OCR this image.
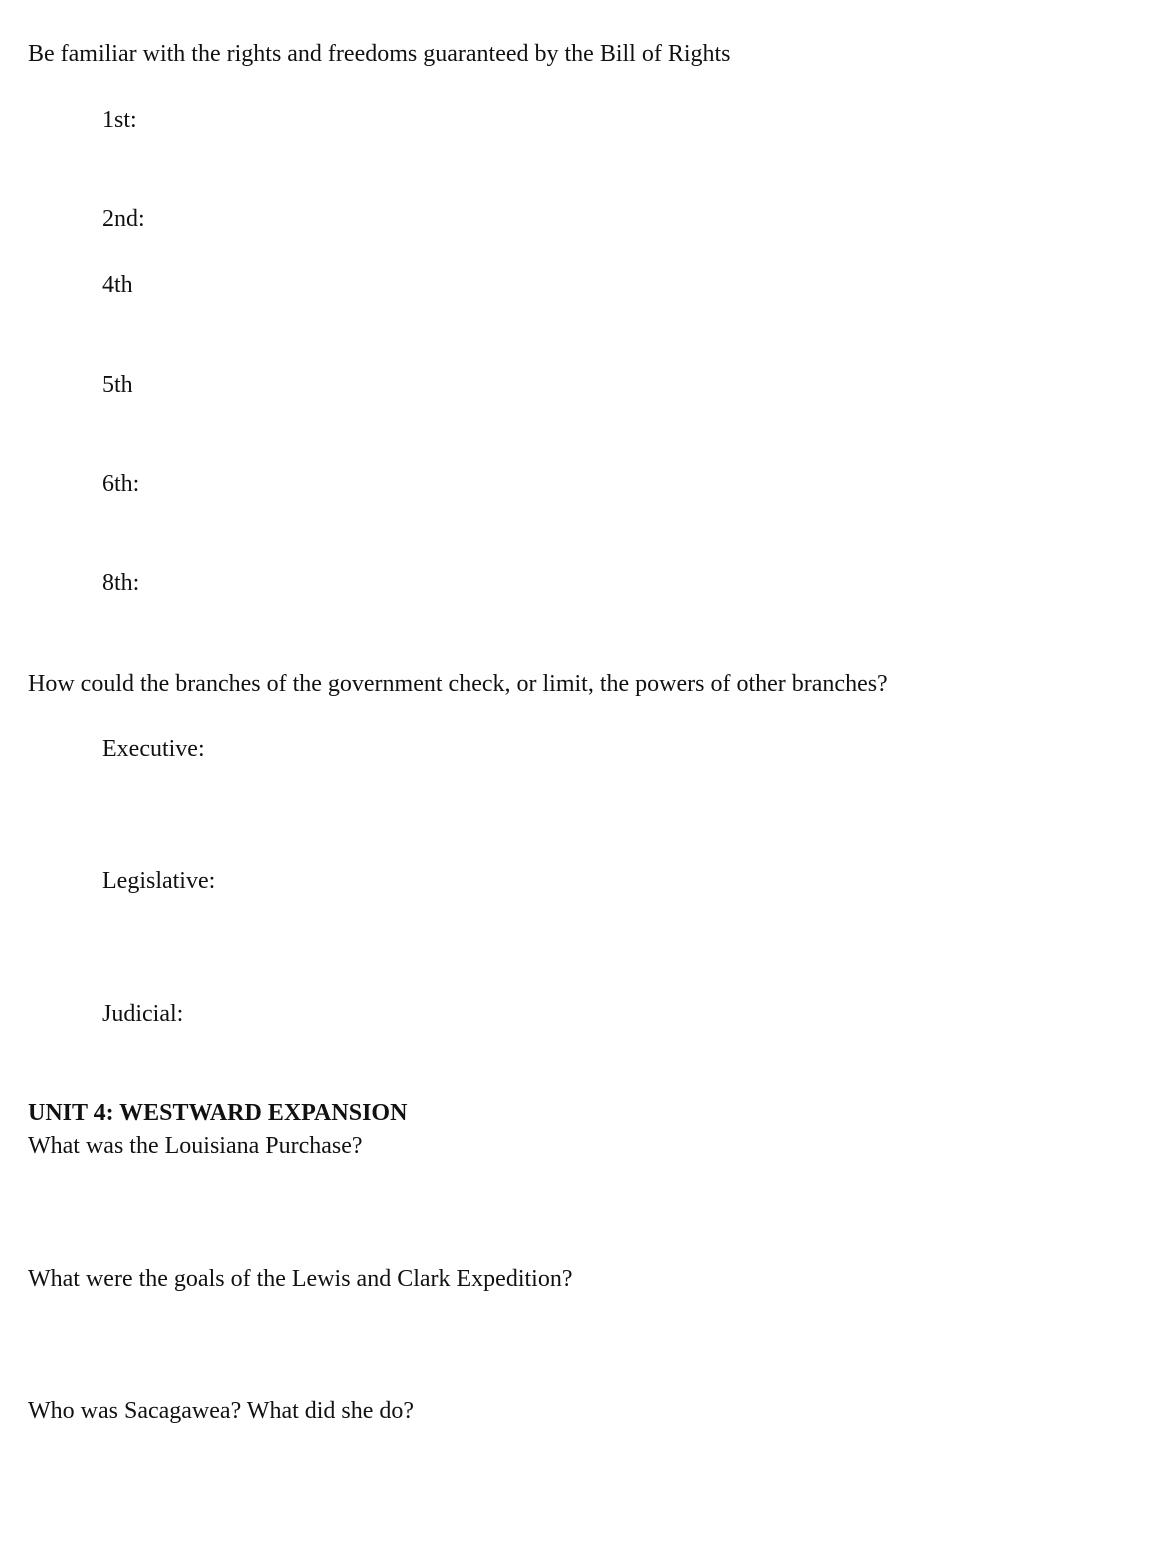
Be familiar with the rights and freedoms guaranteed by the Bill of Rights
1st:
2nd:
4th
5th
6th:
8th:
How could the branches of the government check, or limit, the powers of other branches?
Executive:
Legislative:
Judicial:
UNIT 4: WESTWARD EXPANSION
What was the Louisiana Purchase?
What were the goals of the Lewis and Clark Expedition?
Who was Sacagawea? What did she do?
